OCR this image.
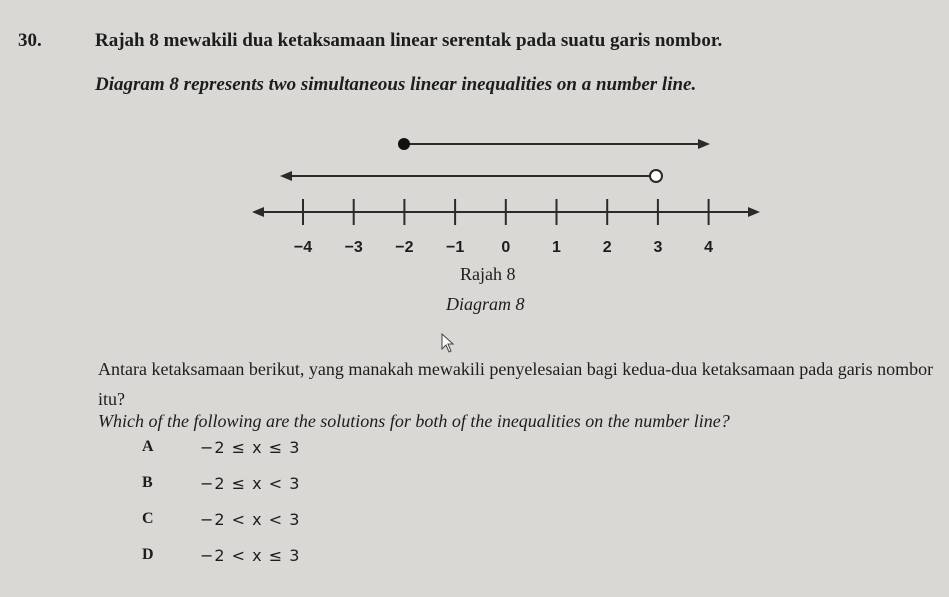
30.	Rajah 8 mewakili dua ketaksamaan linear serentak pada suatu garis nombor.
Diagram 8 represents two simultaneous linear inequalities on a number line.
−4 −3 −2 −1 0	1	2	3	4
Rajah 8
Diagram 8
Antara ketaksamaan berikut, yang manakah mewakili penyelesaian bagi kedua-dua ketaksamaan pada garis nombor itu?
Which of the following are the solutions for both of the inequalities on the number line?
A	−2 ≤ x ≤ 3
B	−2 ≤ x < 3
C	−2 < x < 3
D	−2 < x ≤ 3
